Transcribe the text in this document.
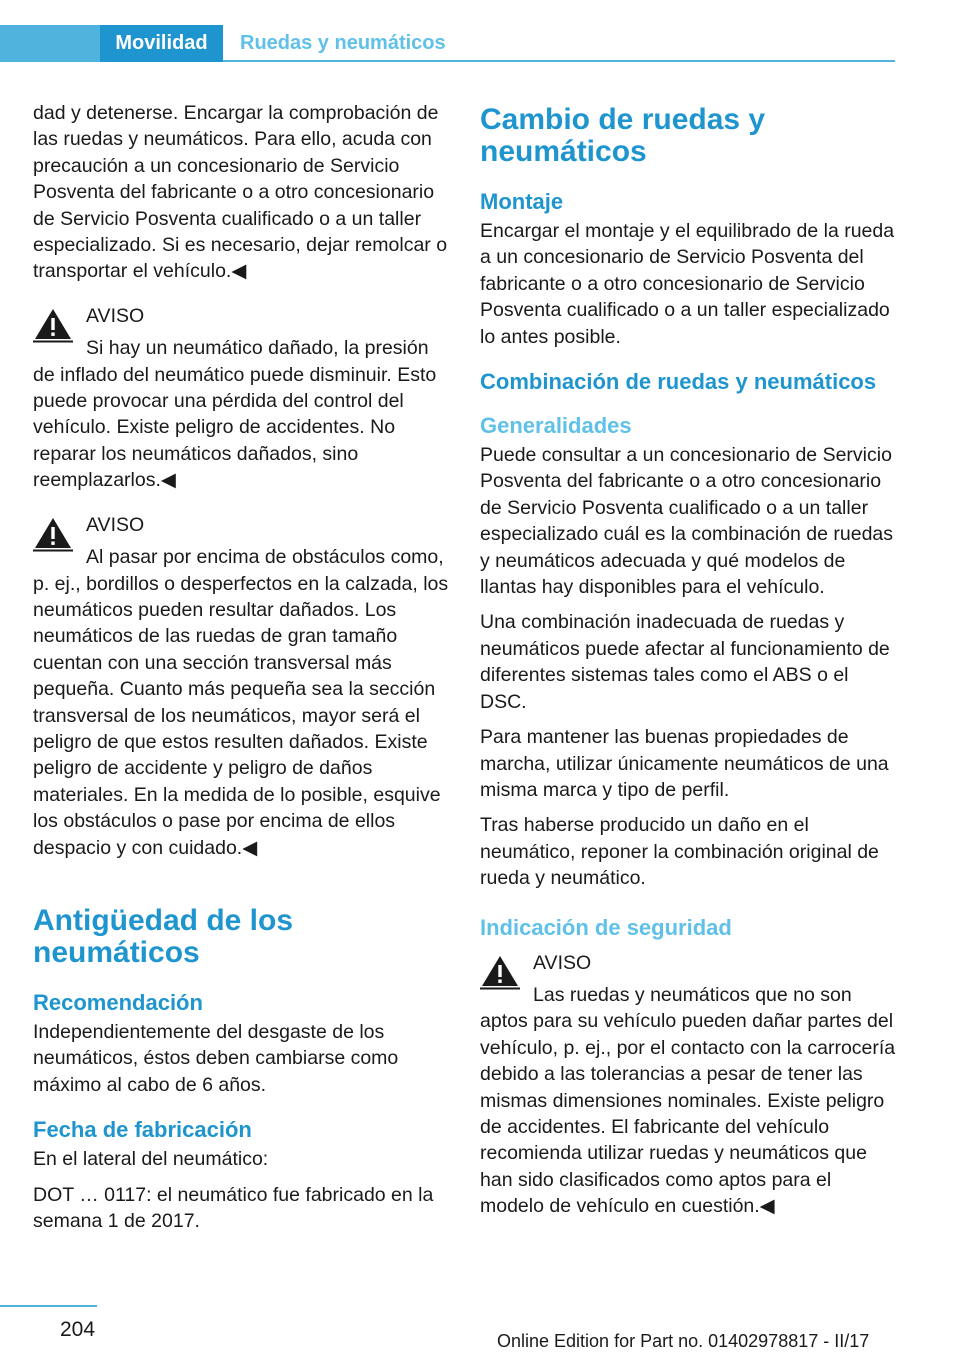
Movilidad	Ruedas y neumáticos

dad y detenerse. Encargar la comprobación de las ruedas y neumáticos. Para ello, acuda con precaución a un concesionario de Servicio Posventa del fabricante o a otro concesionario de Servicio Posventa cualificado o a un taller especializado. Si es necesario, dejar remolcar o transportar el vehículo.◀

AVISO

Si hay un neumático dañado, la presión de inflado del neumático puede disminuir. Esto puede provocar una pérdida del control del vehículo. Existe peligro de accidentes. No reparar los neumáticos dañados, sino reemplazarlos.◀

AVISO

Al pasar por encima de obstáculos como, p. ej., bordillos o desperfectos en la calzada, los neumáticos pueden resultar dañados. Los neumáticos de las ruedas de gran tamaño cuentan con una sección transversal más pequeña. Cuanto más pequeña sea la sección transversal de los neumáticos, mayor será el peligro de que estos resulten dañados. Existe peligro de accidente y peligro de daños materiales. En la medida de lo posible, esquive los obstáculos o pase por encima de ellos despacio y con cuidado.◀

Antigüedad de los neumáticos
Recomendación

Independientemente del desgaste de los neumáticos, éstos deben cambiarse como máximo al cabo de 6 años.

Fecha de fabricación

En el lateral del neumático:

DOT … 0117: el neumático fue fabricado en la semana 1 de 2017.

Cambio de ruedas y neumáticos
Montaje

Encargar el montaje y el equilibrado de la rueda a un concesionario de Servicio Posventa del fabricante o a otro concesionario de Servicio Posventa cualificado o a un taller especializado lo antes posible.

Combinación de ruedas y neumáticos
Generalidades

Puede consultar a un concesionario de Servicio Posventa del fabricante o a otro concesionario de Servicio Posventa cualificado o a un taller especializado cuál es la combinación de ruedas y neumáticos adecuada y qué modelos de llantas hay disponibles para el vehículo.

Una combinación inadecuada de ruedas y neumáticos puede afectar al funcionamiento de diferentes sistemas tales como el ABS o el DSC.

Para mantener las buenas propiedades de marcha, utilizar únicamente neumáticos de una misma marca y tipo de perfil.

Tras haberse producido un daño en el neumático, reponer la combinación original de rueda y neumático.

Indicación de seguridad

AVISO

Las ruedas y neumáticos que no son aptos para su vehículo pueden dañar partes del vehículo, p. ej., por el contacto con la carrocería debido a las tolerancias a pesar de tener las mismas dimensiones nominales. Existe peligro de accidentes. El fabricante del vehículo recomienda utilizar ruedas y neumáticos que han sido clasificados como aptos para el modelo de vehículo en cuestión.◀

204	Online Edition for Part no. 01402978817 - II/17
